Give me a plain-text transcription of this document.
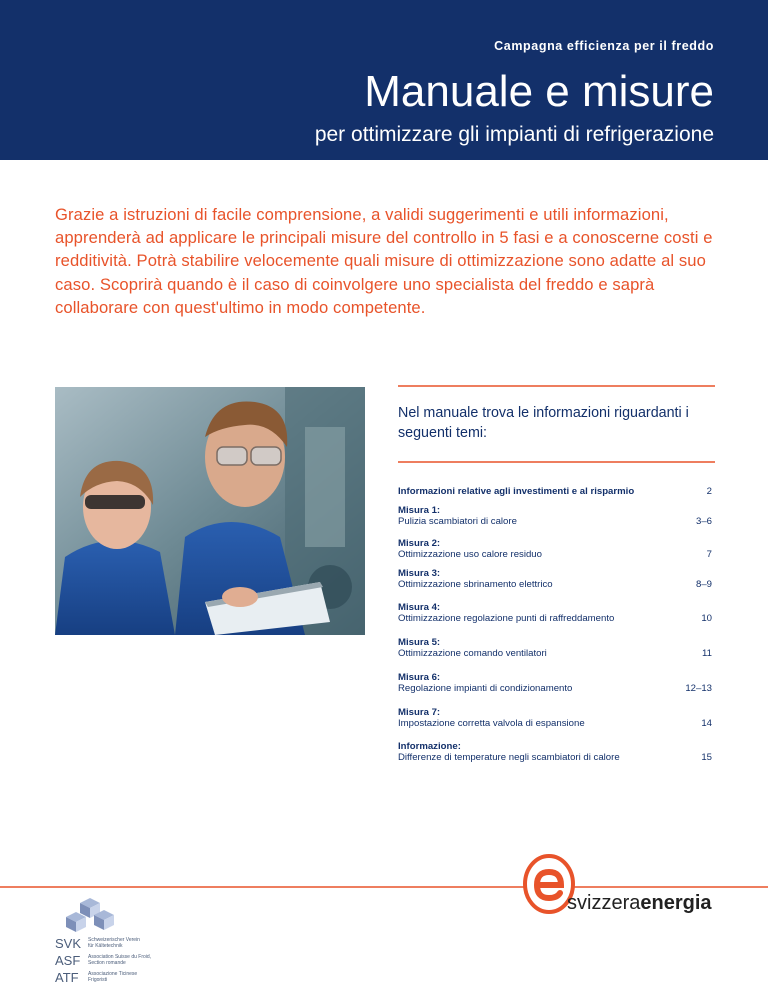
Campagna efficienza per il freddo
Manuale e misure
per ottimizzare gli impianti di refrigerazione
Grazie a istruzioni di facile comprensione, a validi suggerimenti e utili informazioni, apprenderà ad applicare le principali misure del controllo in 5 fasi e a conoscerne costi e redditività. Potrà stabilire velocemente quali misure di ottimizzazione sono adatte al suo caso. Scoprirà quando è il caso di coinvolgere uno specialista del freddo e saprà collaborare con quest'ultimo in modo competente.
Nel manuale trova le informazioni riguardanti i seguenti temi:
Informazioni relative agli investimenti e al risparmio	2
Misura 1:
Pulizia scambiatori di calore	3–6
Misura 2:
Ottimizzazione uso calore residuo	7
Misura 3:
Ottimizzazione sbrinamento elettrico	8–9
Misura 4:
Ottimizzazione regolazione punti di raffreddamento	10
Misura 5:
Ottimizzazione comando ventilatori	11
Misura 6:
Regolazione impianti di condizionamento	12–13
Misura 7:
Impostazione corretta valvola di espansione	14
Informazione:
Differenze di temperature negli scambiatori di calore	15
svizzeraenergia
SVK Schweizerischer Verein
für Kältetechnik
ASF Association Suisse du Froid,
Section romande
ATF Associazione Ticinese
Frigoristi
